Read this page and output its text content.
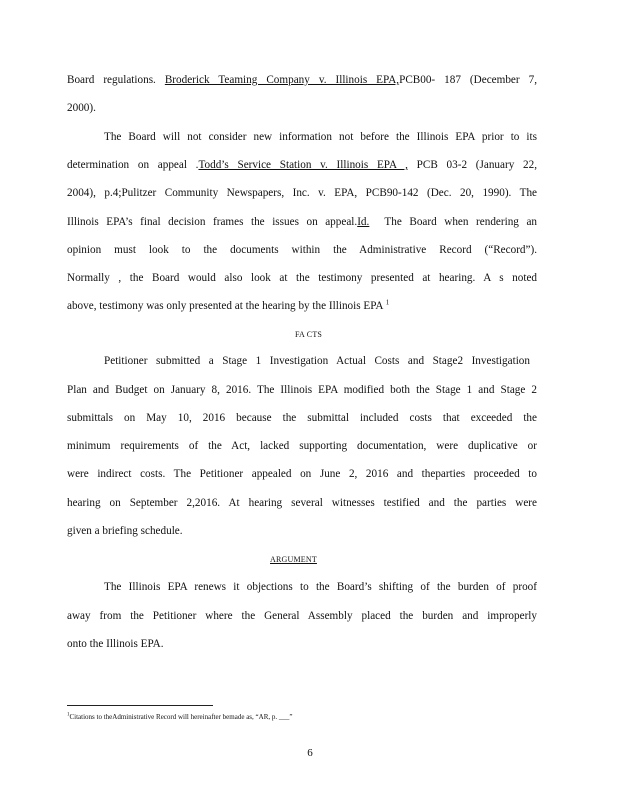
Board regulations. Broderick Teaming Company v. Illinois EPA,PCB00- 187 (December 7,
2000).
The Board will not consider new information not before the Illinois EPA prior to its
determination on appeal .Todd’s Service Station v. Illinois EPA , PCB 03-2 (January 22,
2004), p.4;Pulitzer Community Newspapers, Inc. v. EPA, PCB90-142 (Dec. 20, 1990). The
Illinois EPA’s final decision frames the issues on appeal.Id. The Board when rendering an
opinion must look to the documents within the Administrative Record (“Record”).
Normally , the Board would also look at the testimony presented at hearing. A s noted
above, testimony was only presented at the hearing by the Illinois EPA $^1$
FA CTS
Petitioner submitted a Stage 1 Investigation Actual Costs and Stage2 Investigation
Plan and Budget on January 8, 2016. The Illinois EPA modified both the Stage 1 and Stage 2
submittals on May 10, 2016 because the submittal included costs that exceeded the
minimum requirements of the Act, lacked supporting documentation, were duplicative or
were indirect costs. The Petitioner appealed on June 2, 2016 and theparties proceeded to
hearing on September 2,2016. At hearing several witnesses testified and the parties were
given a briefing schedule.
ARGUMENT
The Illinois EPA renews it objections to the Board’s shifting of the burden of proof
away from the Petitioner where the General Assembly placed the burden and improperly
onto the Illinois EPA.
$^1$Citations to theAdministrative Record will hereinafter bemade as, “AR, p. ___”
6
